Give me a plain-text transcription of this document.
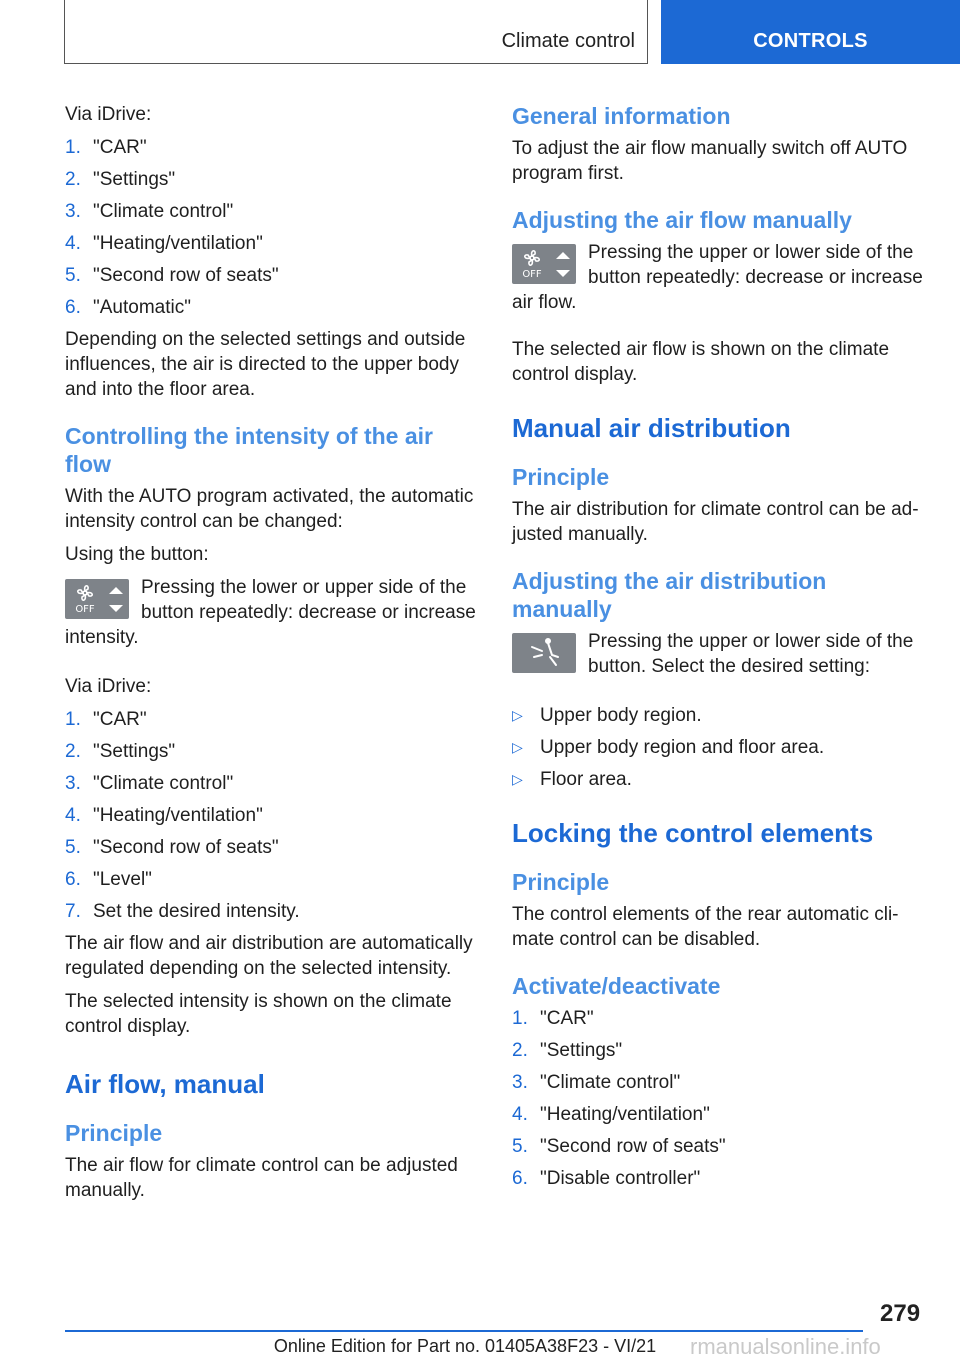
Climate control	CONTROLS

Via iDrive:

1. "CAR"
2. "Settings"
3. "Climate control"
4. "Heating/ventilation"
5. "Second row of seats"
6. "Automatic"

Depending on the selected settings and outside influences, the air is directed to the upper body and into the floor area.

Controlling the intensity of the air flow

With the AUTO program activated, the automatic intensity control can be changed:

Using the button:

OFF
Pressing the lower or upper side of the button repeatedly: decrease or increase intensity.

Via iDrive:

1. "CAR"
2. "Settings"
3. "Climate control"
4. "Heating/ventilation"
5. "Second row of seats"
6. "Level"
7. Set the desired intensity.

The air flow and air distribution are automatically regulated depending on the selected intensity.

The selected intensity is shown on the climate control display.

Air flow, manual
Principle

The air flow for climate control can be adjusted manually.

General information

To adjust the air flow manually switch off AUTO program first.

Adjusting the air flow manually
OFF
Pressing the upper or lower side of the button repeatedly: decrease or increase air flow.

The selected air flow is shown on the climate control display.

Manual air distribution
Principle

The air distribution for climate control can be ad‐justed manually.

Adjusting the air distribution manually
Pressing the upper or lower side of the button. Select the desired setting:
▷ Upper body region.
▷ Upper body region and floor area.
▷ Floor area.
Locking the control elements
Principle

The control elements of the rear automatic cli‐mate control can be disabled.

Activate/deactivate
1. "CAR"
2. "Settings"
3. "Climate control"
4. "Heating/ventilation"
5. "Second row of seats"
6. "Disable controller"
279
Online Edition for Part no. 01405A38F23 - VI/21	rmanualsonline.info
